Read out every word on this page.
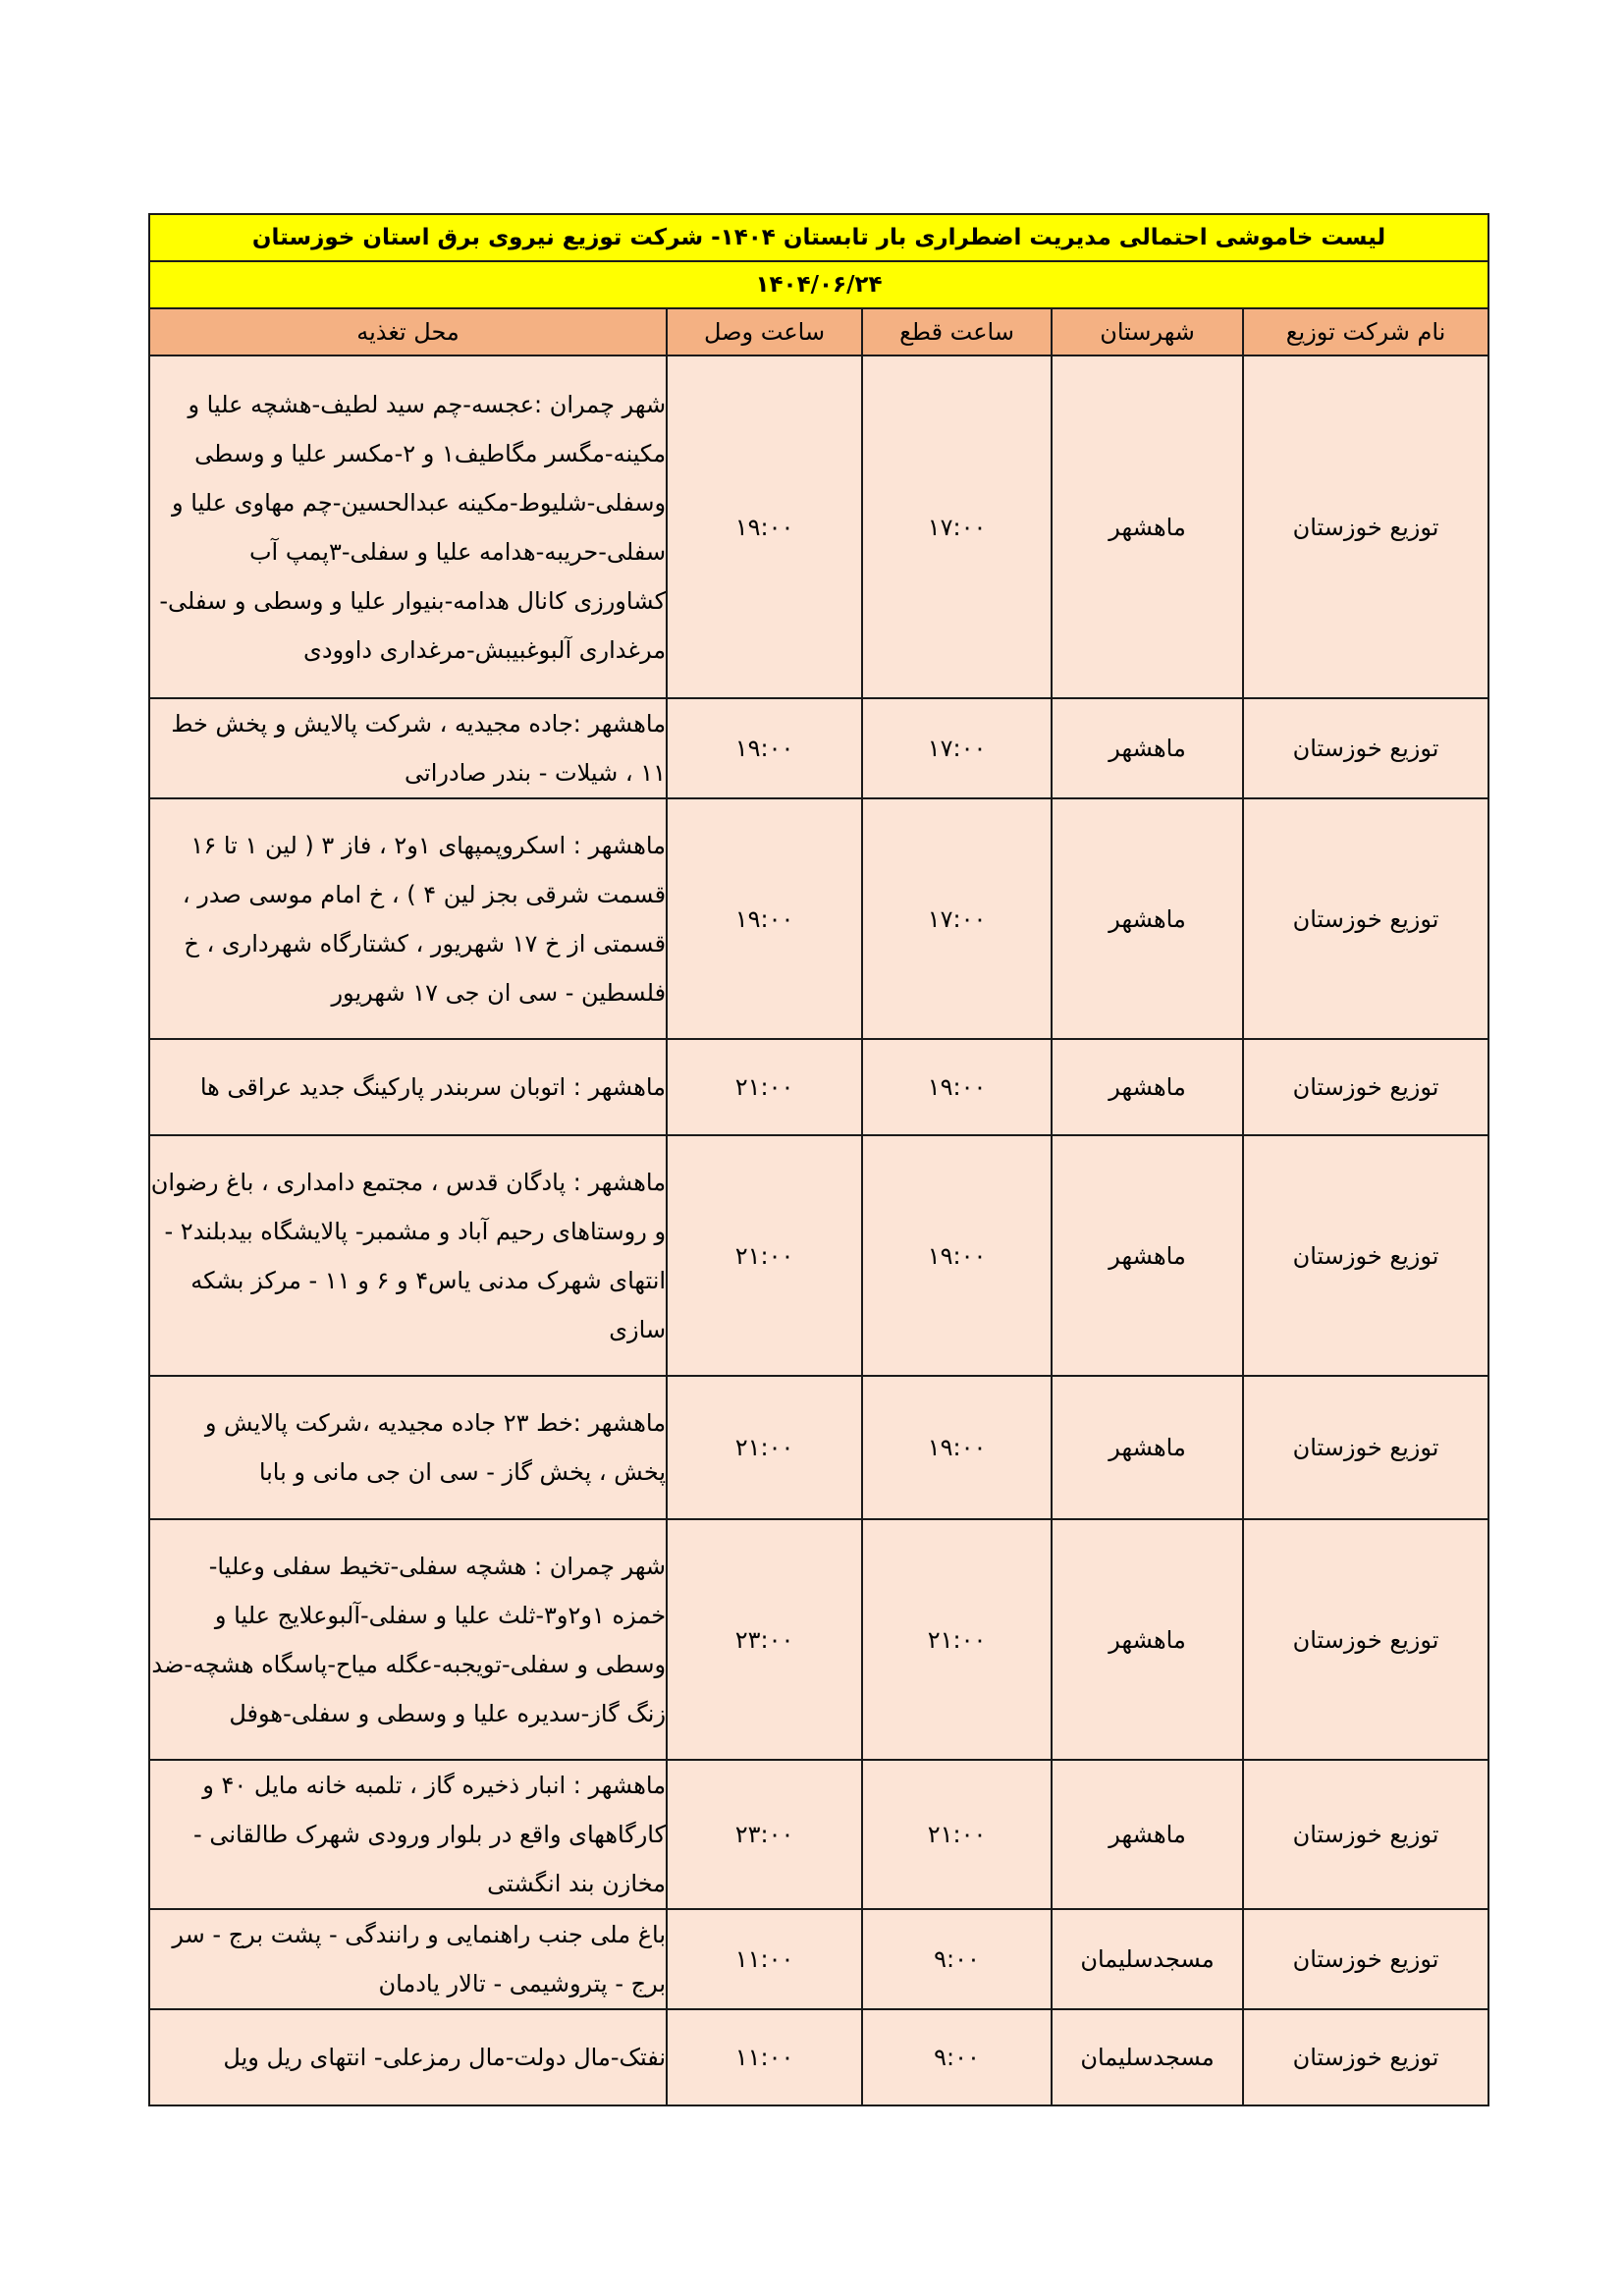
لیست خاموشی احتمالی مدیریت اضطراری بار تابستان ۱۴۰۴- شرکت توزیع نیروی برق استان خوزستان				
۱۴۰۴/۰۶/۲۴				
نام شرکت توزیع	شهرستان	ساعت قطع	ساعت وصل	محل تغذیه
توزیع خوزستان	ماهشهر	۱۷:۰۰	۱۹:۰۰	شهر چمران :عجسه-چم سید لطیف-هشچه علیا و مکینه-مگسر مگاطیف۱ و ۲-مکسر علیا و وسطی وسفلی-شلیوط-مکینه عبدالحسین-چم مهاوی علیا و سفلی-حریبه-هدامه علیا و سفلی-۳پمپ آب کشاورزی کانال هدامه-بنیوار علیا و وسطی و سفلی-مرغداری آلبوغبیبش-مرغداری داوودی
توزیع خوزستان	ماهشهر	۱۷:۰۰	۱۹:۰۰	ماهشهر :جاده مجیدیه ، شرکت پالایش و پخش خط ۱۱ ، شیلات - بندر صادراتی
توزیع خوزستان	ماهشهر	۱۷:۰۰	۱۹:۰۰	ماهشهر : اسکروپمپهای ۱و۲ ، فاز ۳ ( لین ۱ تا ۱۶ قسمت شرقی بجز لین ۴ ) ، خ امام موسی صدر ، قسمتی از خ ۱۷ شهریور ، کشتارگاه شهرداری ، خ فلسطین - سی ان جی ۱۷ شهریور
توزیع خوزستان	ماهشهر	۱۹:۰۰	۲۱:۰۰	ماهشهر : اتوبان سربندر پارکینگ جدید عراقی ها
توزیع خوزستان	ماهشهر	۱۹:۰۰	۲۱:۰۰	ماهشهر : پادگان قدس ، مجتمع دامداری ، باغ رضوان و روستاهای رحیم آباد و مشمبر- پالایشگاه بیدبلند۲ - انتهای شهرک مدنی یاس۴ و ۶ و ۱۱ - مرکز بشکه سازی
توزیع خوزستان	ماهشهر	۱۹:۰۰	۲۱:۰۰	ماهشهر :خط ۲۳ جاده مجیدیه ،شرکت پالایش و پخش ، پخش گاز - سی ان جی مانی و بابا
توزیع خوزستان	ماهشهر	۲۱:۰۰	۲۳:۰۰	شهر چمران : هشچه سفلی-تخیط سفلی وعلیا- خمزه ۱و۲و۳-ثلث علیا و سفلی-آلبوعلایج علیا و وسطی و سفلی-تویجبه-عگله میاح-پاسگاه هشچه-ضد زنگ گاز-سدیره علیا و وسطی و سفلی-هوفل
توزیع خوزستان	ماهشهر	۲۱:۰۰	۲۳:۰۰	ماهشهر : انبار ذخیره گاز ، تلمبه خانه مایل ۴۰ و کارگاههای واقع در بلوار ورودی شهرک طالقانی - مخازن بند انگشتی
توزیع خوزستان	مسجدسلیمان	۹:۰۰	۱۱:۰۰	باغ ملی جنب راهنمایی و رانندگی - پشت برج - سر برج - پتروشیمی - تالار یادمان
توزیع خوزستان	مسجدسلیمان	۹:۰۰	۱۱:۰۰	نفتک-مال دولت-مال رمزعلی- انتهای ریل ویل
